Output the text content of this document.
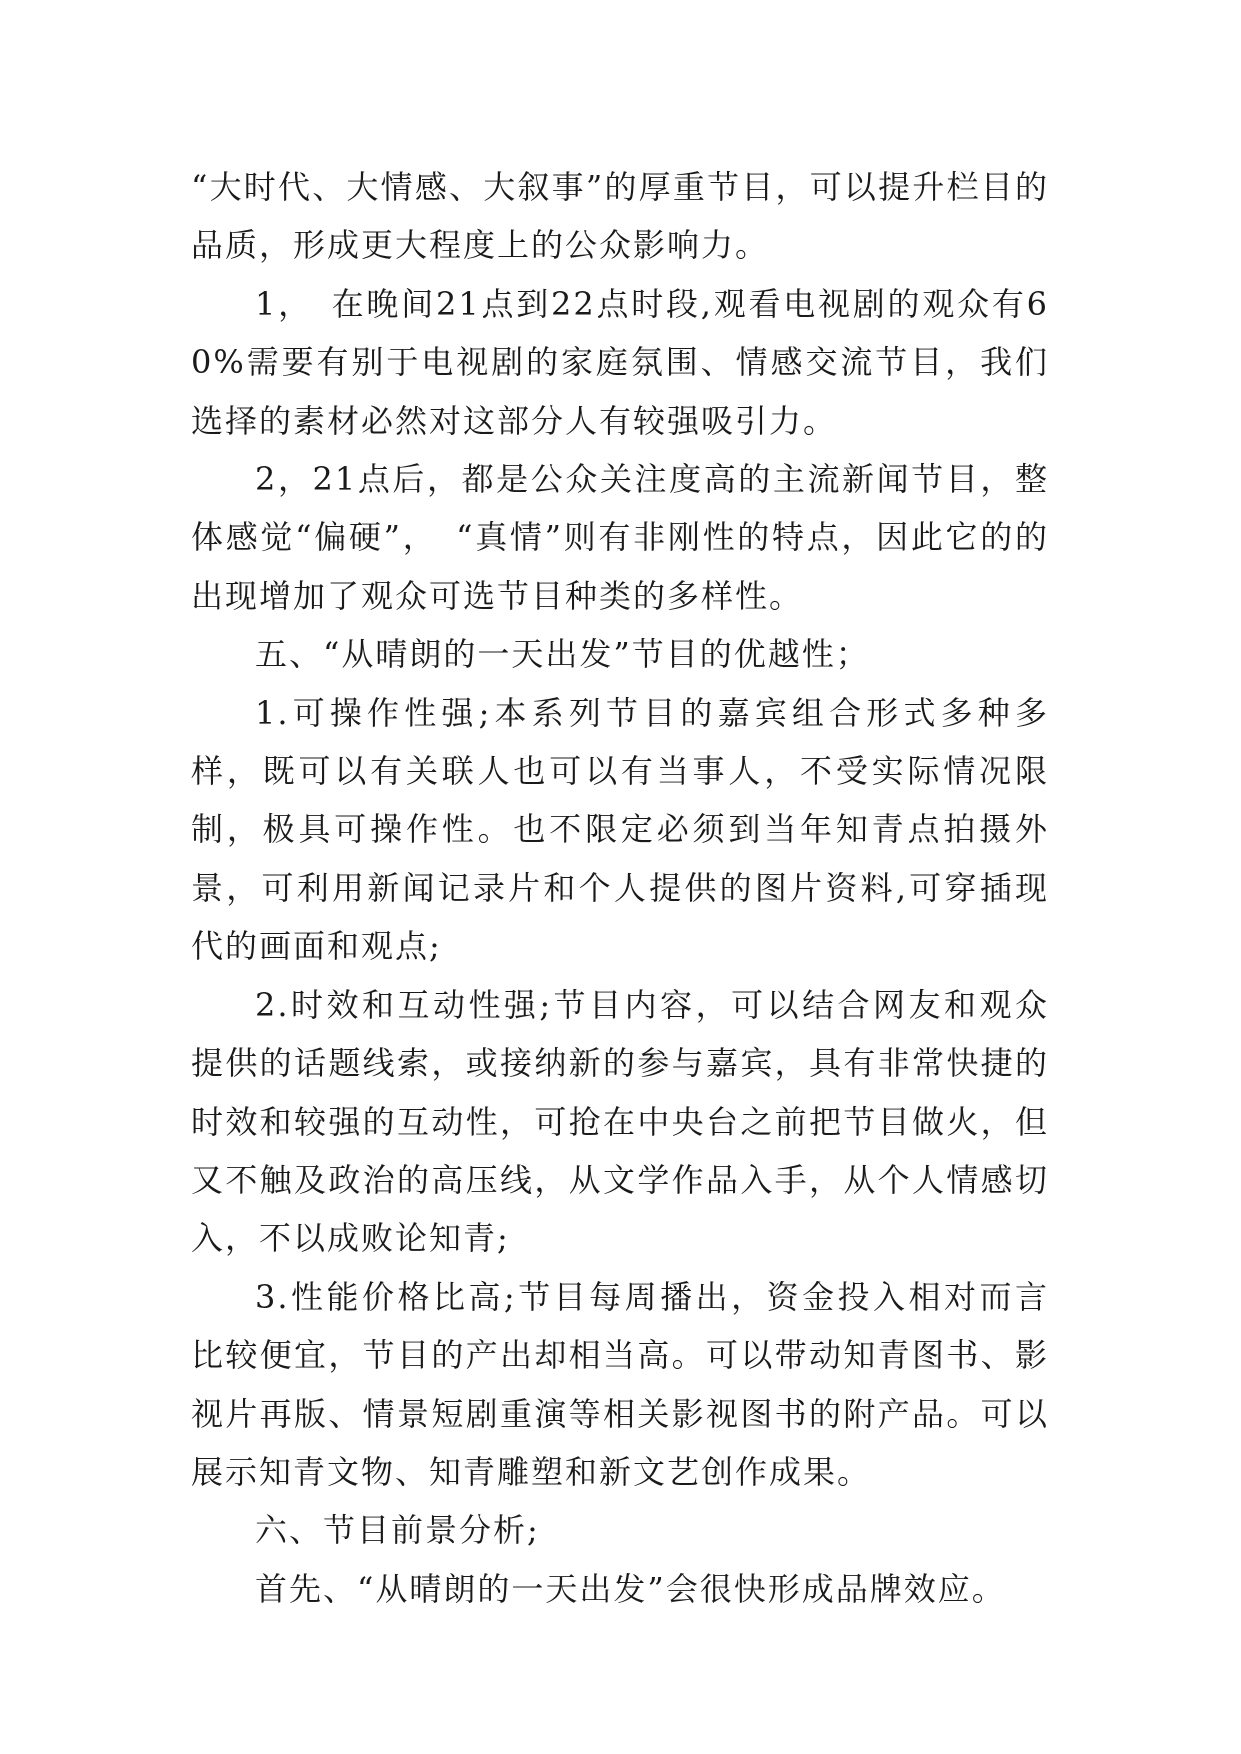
“大时代、大情感、大叙事”的厚重节目，可以提升栏目的品质，形成更大程度上的公众影响力。

1，　在晚间21点到22点时段,观看电视剧的观众有60%需要有别于电视剧的家庭氛围、情感交流节目，我们选择的素材必然对这部分人有较强吸引力。

2，21点后，都是公众关注度高的主流新闻节目，整体感觉“偏硬”，　“真情”则有非刚性的特点，因此它的的出现增加了观众可选节目种类的多样性。

五、“从晴朗的一天出发”节目的优越性；

1.可操作性强;本系列节目的嘉宾组合形式多种多样，既可以有关联人也可以有当事人，不受实际情况限制，极具可操作性。也不限定必须到当年知青点拍摄外景，可利用新闻记录片和个人提供的图片资料,可穿插现代的画面和观点;

2.时效和互动性强;节目内容，可以结合网友和观众提供的话题线索，或接纳新的参与嘉宾，具有非常快捷的时效和较强的互动性，可抢在中央台之前把节目做火，但又不触及政治的高压线，从文学作品入手，从个人情感切入，不以成败论知青;

3.性能价格比高;节目每周播出，资金投入相对而言比较便宜，节目的产出却相当高。可以带动知青图书、影视片再版、情景短剧重演等相关影视图书的附产品。可以展示知青文物、知青雕塑和新文艺创作成果。

六、节目前景分析;

首先、“从晴朗的一天出发”会很快形成品牌效应。
